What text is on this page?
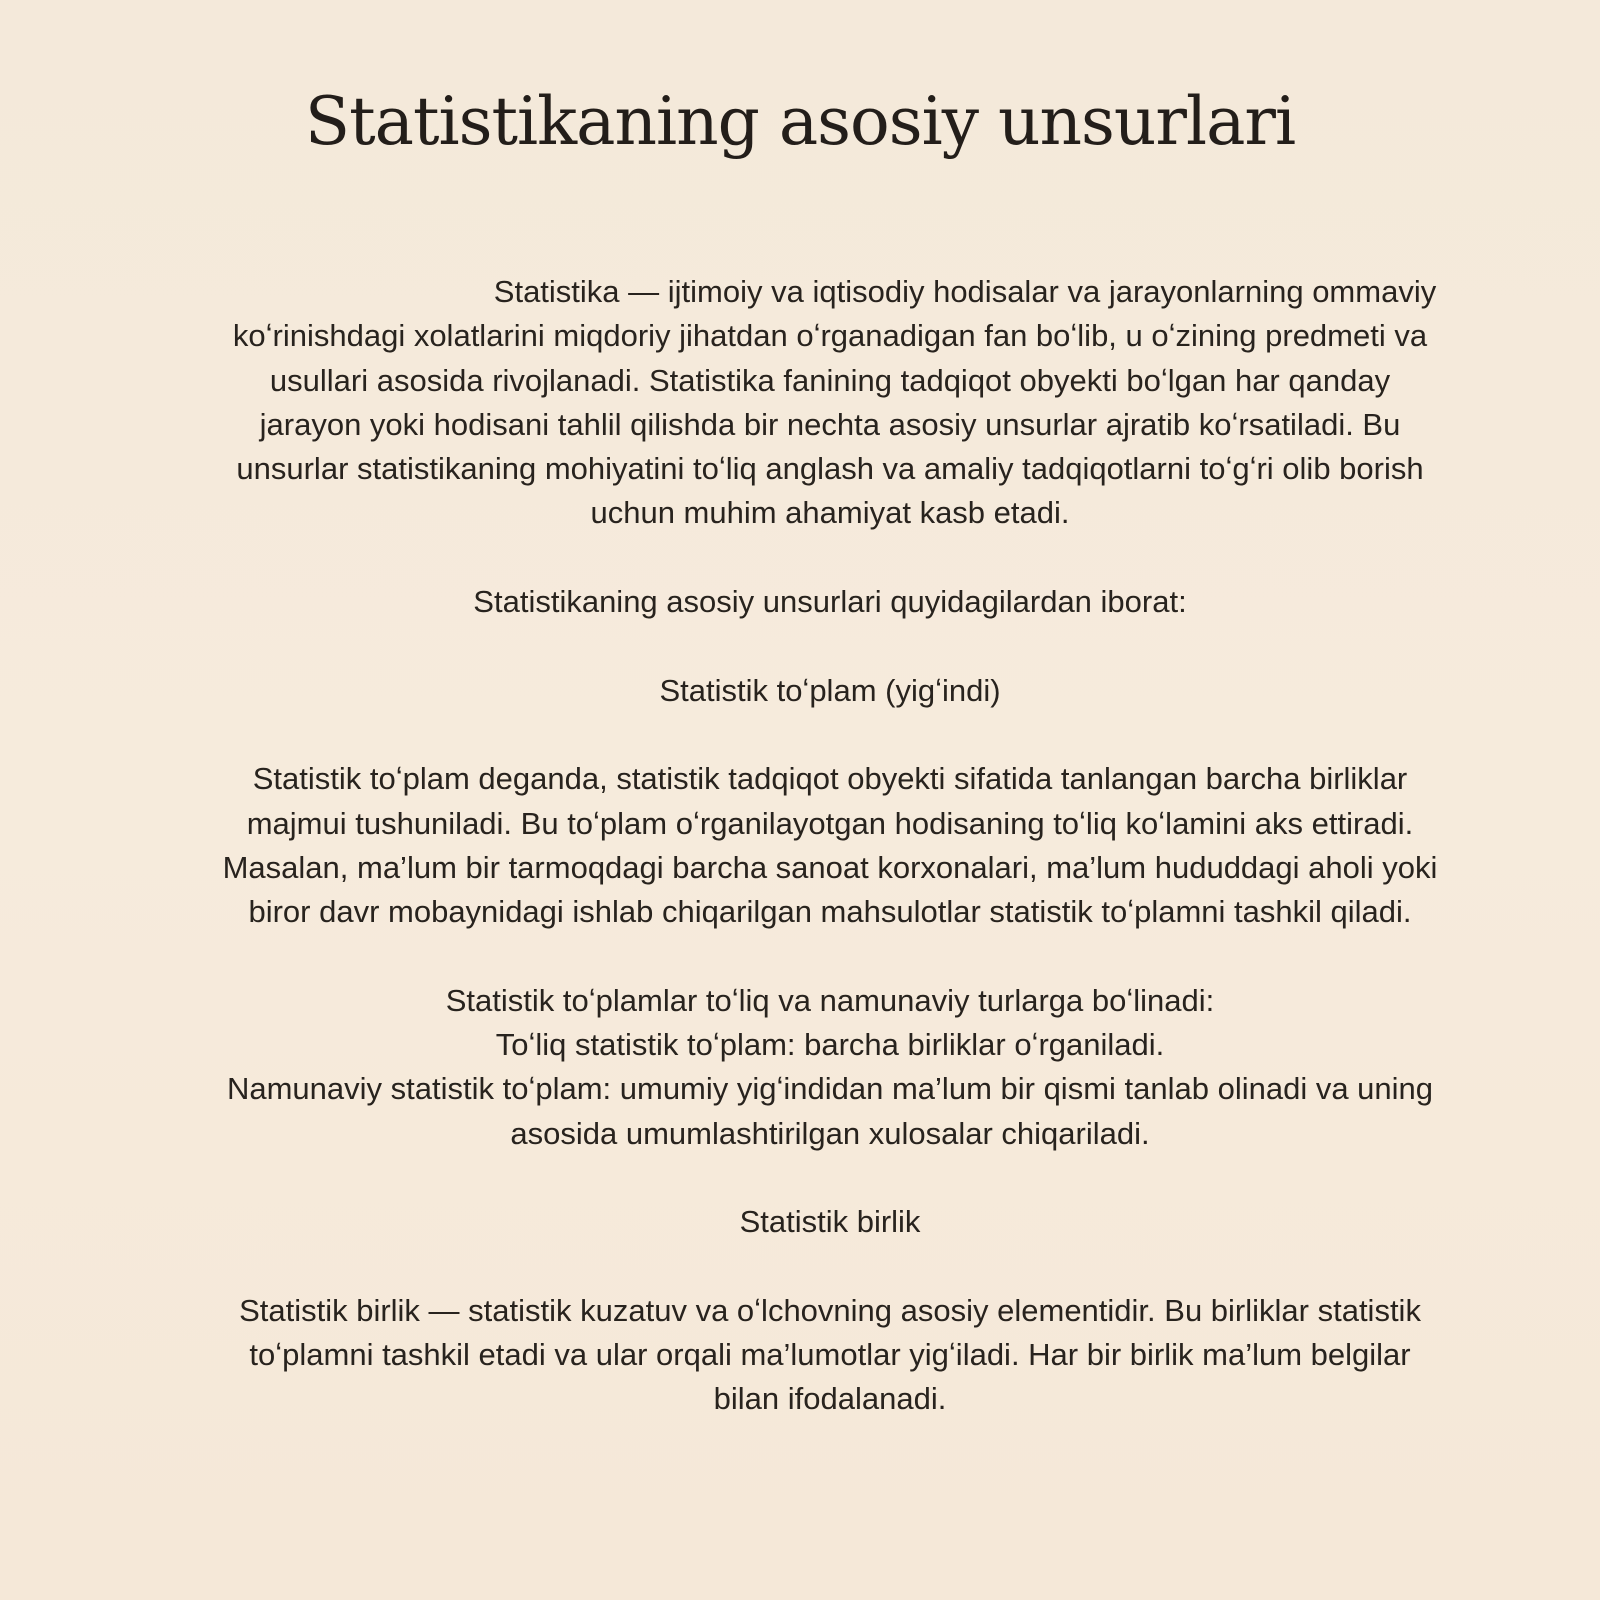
Statistikaning asosiy unsurlari

Statistika — ijtimoiy va iqtisodiy hodisalar va jarayonlarning ommaviy koʻrinishdagi xolatlarini miqdoriy jihatdan oʻrganadigan fan boʻlib, u oʻzining predmeti va usullari asosida rivojlanadi. Statistika fanining tadqiqot obyekti boʻlgan har qanday jarayon yoki hodisani tahlil qilishda bir nechta asosiy unsurlar ajratib koʻrsatiladi. Bu unsurlar statistikaning mohiyatini toʻliq anglash va amaliy tadqiqotlarni toʻgʻri olib borish uchun muhim ahamiyat kasb etadi.

Statistikaning asosiy unsurlari quyidagilardan iborat:

Statistik toʻplam (yigʻindi)

Statistik toʻplam deganda, statistik tadqiqot obyekti sifatida tanlangan barcha birliklar majmui tushuniladi. Bu toʻplam oʻrganilayotgan hodisaning toʻliq koʻlamini aks ettiradi. Masalan, ma’lum bir tarmoqdagi barcha sanoat korxonalari, ma’lum hududdagi aholi yoki biror davr mobaynidagi ishlab chiqarilgan mahsulotlar statistik toʻplamni tashkil qiladi.

Statistik toʻplamlar toʻliq va namunaviy turlarga boʻlinadi:

Toʻliq statistik toʻplam: barcha birliklar oʻrganiladi.

Namunaviy statistik toʻplam: umumiy yigʻindidan ma’lum bir qismi tanlab olinadi va uning asosida umumlashtirilgan xulosalar chiqariladi.

Statistik birlik

Statistik birlik — statistik kuzatuv va oʻlchovning asosiy elementidir. Bu birliklar statistik toʻplamni tashkil etadi va ular orqali ma’lumotlar yigʻiladi. Har bir birlik ma’lum belgilar bilan ifodalanadi.
